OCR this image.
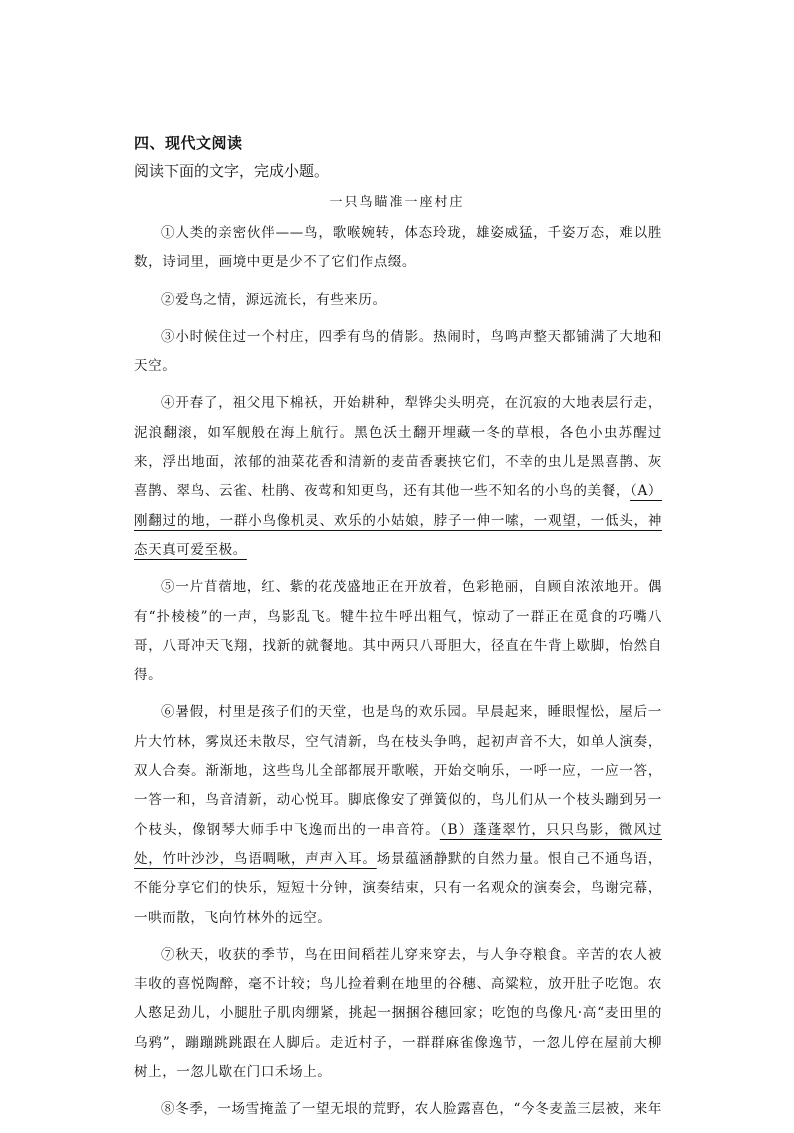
四、现代文阅读
阅读下面的文字，完成小题。
一只鸟瞄准一座村庄

①人类的亲密伙伴——鸟，歌喉婉转，体态玲珑，雄姿威猛，千姿万态，难以胜数，诗词里，画境中更是少不了它们作点缀。

②爱鸟之情，源远流长，有些来历。

③小时候住过一个村庄，四季有鸟的倩影。热闹时，鸟鸣声整天都铺满了大地和天空。

④开春了，祖父甩下棉袄，开始耕种，犁铧尖头明亮，在沉寂的大地表层行走，泥浪翻滚，如军舰般在海上航行。黑色沃土翻开埋藏一冬的草根，各色小虫苏醒过来，浮出地面，浓郁的油菜花香和清新的麦苗香裹挟它们，不幸的虫儿是黑喜鹊、灰喜鹊、翠鸟、云雀、杜鹃、夜莺和知更鸟，还有其他一些不知名的小鸟的美餐，（A）刚翻过的地，一群小鸟像机灵、欢乐的小姑娘，脖子一伸一嗦，一观望，一低头，神态天真可爱至极。

⑤一片苜蓿地，红、紫的花茂盛地正在开放着，色彩艳丽，自顾自浓浓地开。偶有“扑棱棱”的一声，鸟影乱飞。犍牛拉牛呼出粗气，惊动了一群正在觅食的巧嘴八哥，八哥冲天飞翔，找新的就餐地。其中两只八哥胆大，径直在牛背上歇脚，怡然自得。

⑥暑假，村里是孩子们的天堂，也是鸟的欢乐园。早晨起来，睡眼惺忪，屋后一片大竹林，雾岚还未散尽，空气清新，鸟在枝头争鸣，起初声音不大，如单人演奏，双人合奏。渐渐地，这些鸟儿全部都展开歌喉，开始交响乐，一呼一应，一应一答，一答一和，鸟音清新，动心悦耳。脚底像安了弹簧似的，鸟儿们从一个枝头蹦到另一个枝头，像钢琴大师手中飞逸而出的一串音符。（B）蓬蓬翠竹，只只鸟影，微风过处，竹叶沙沙，鸟语啁啾，声声入耳。场景蕴涵静默的自然力量。恨自己不通鸟语，不能分享它们的快乐，短短十分钟，演奏结束，只有一名观众的演奏会，鸟谢完幕，一哄而散，飞向竹林外的远空。

⑦秋天，收获的季节，鸟在田间稻茬儿穿来穿去，与人争夺粮食。辛苦的农人被丰收的喜悦陶醉，毫不计较；鸟儿捡着剩在地里的谷穗、高粱粒，放开肚子吃饱。农人憨足劲儿，小腿肚子肌肉绷紧，挑起一捆捆谷穗回家；吃饱的鸟像凡·高“麦田里的乌鸦”，蹦蹦跳跳跟在人脚后。走近村子，一群群麻雀像逸节，一忽儿停在屋前大柳树上，一忽儿歇在门口禾场上。

⑧冬季，一场雪掩盖了一望无垠的荒野，农人脸露喜色，“今冬麦盖三层被，来年
